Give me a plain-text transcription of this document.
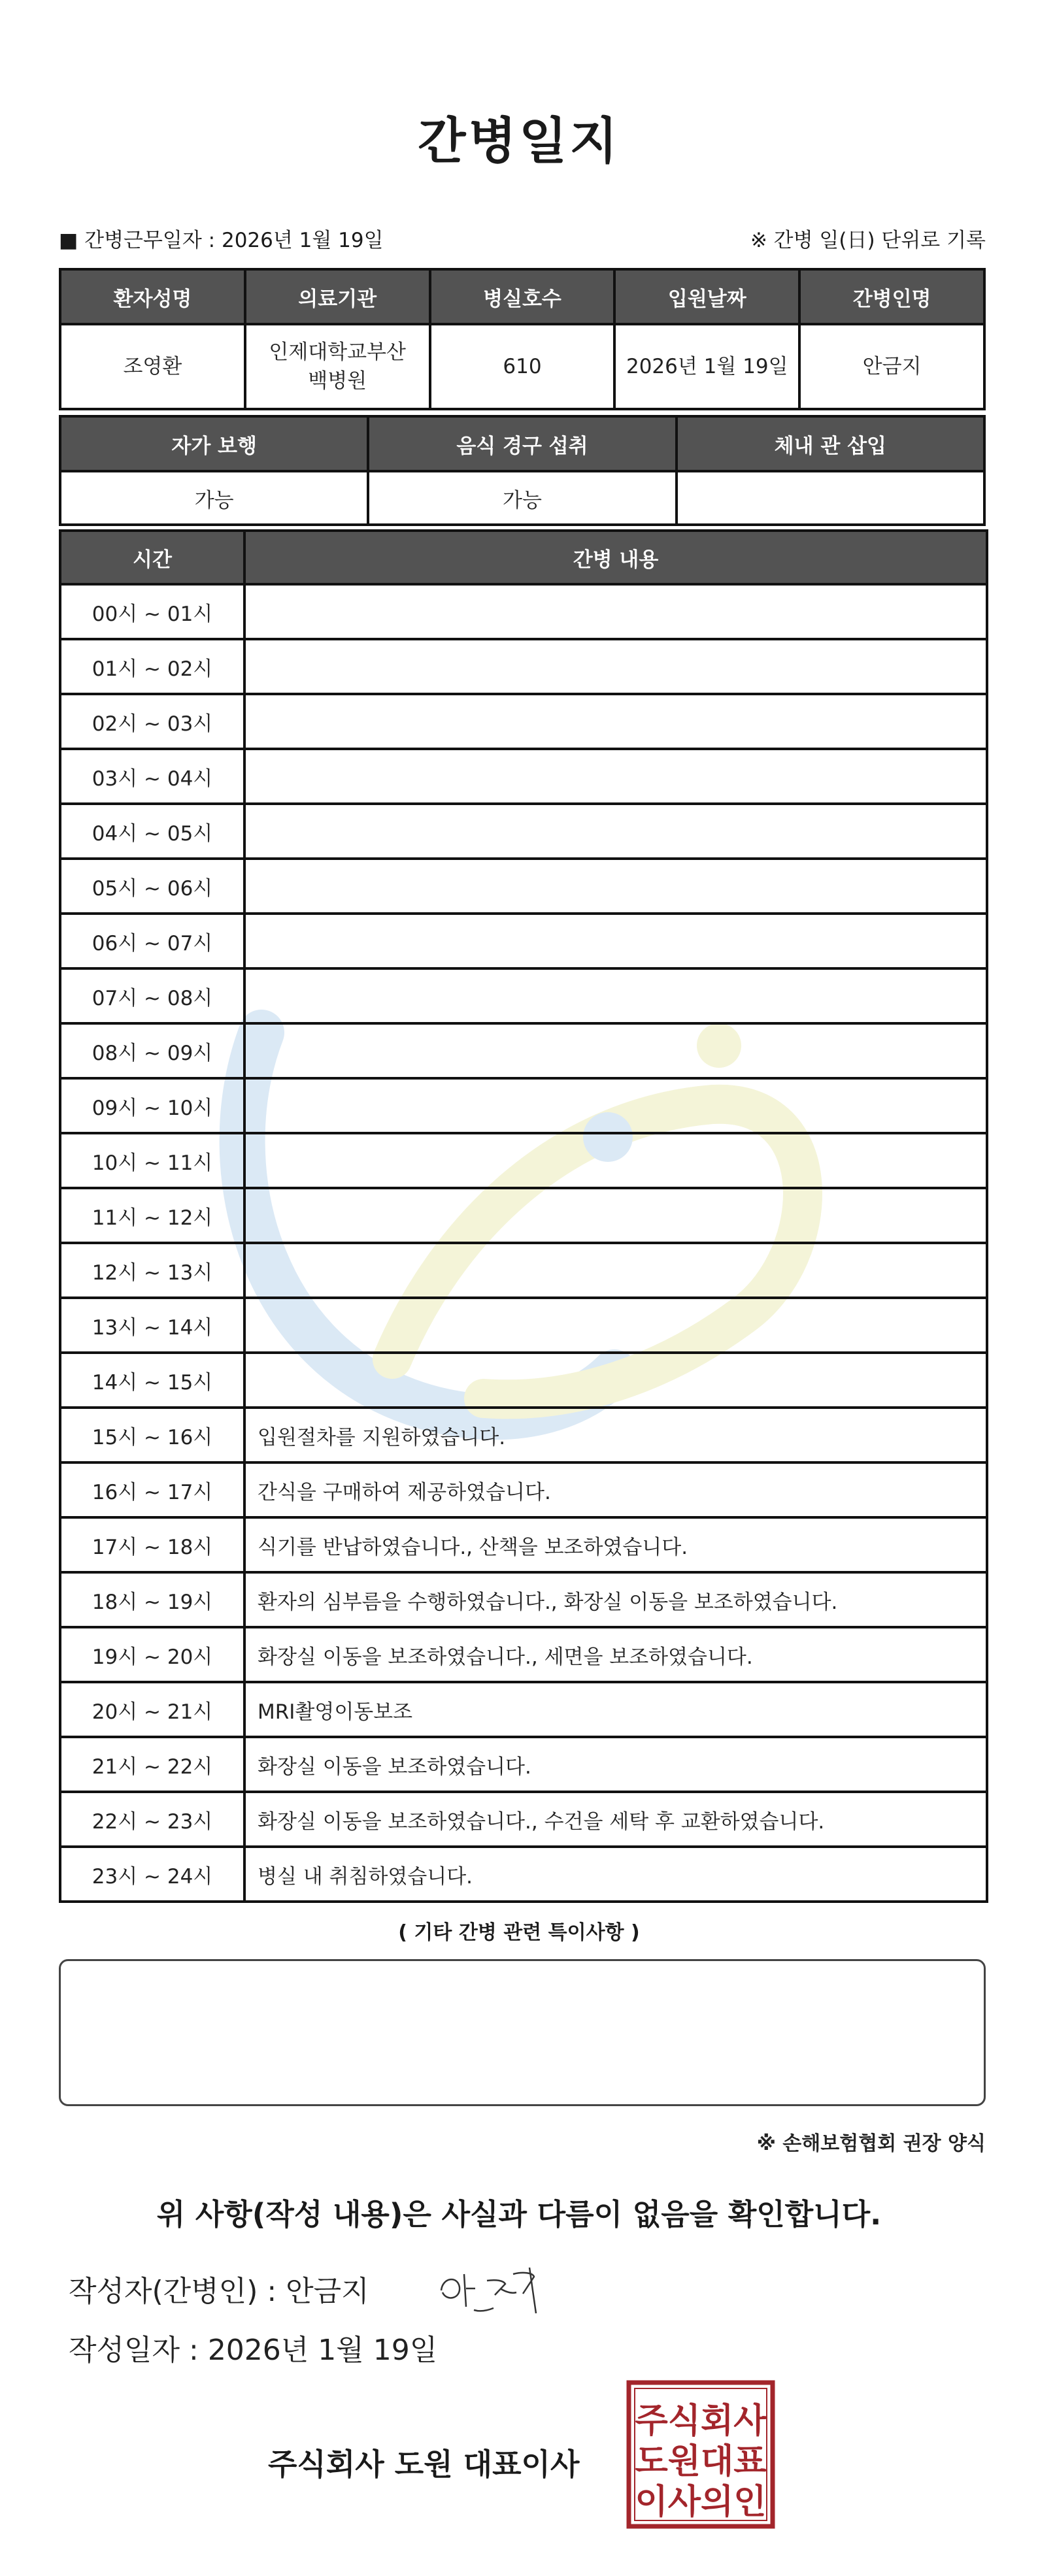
간병일지
■ 간병근무일자 : 2026년 1월 19일	※ 간병 일(日) 단위로 기록
환자성명	의료기관	병실호수	입원날짜	간병인명
조영환	인제대학교부산백병원	610	2026년 1월 19일	안금지
자가 보행	음식 경구 섭취	체내 관 삽입
가능	가능	
시간	간병 내용
00시 ~ 01시	
01시 ~ 02시	
02시 ~ 03시	
03시 ~ 04시	
04시 ~ 05시	
05시 ~ 06시	
06시 ~ 07시	
07시 ~ 08시	
08시 ~ 09시	
09시 ~ 10시	
10시 ~ 11시	
11시 ~ 12시	
12시 ~ 13시	
13시 ~ 14시	
14시 ~ 15시	
15시 ~ 16시	입원절차를 지원하였습니다.
16시 ~ 17시	간식을 구매하여 제공하였습니다.
17시 ~ 18시	식기를 반납하였습니다., 산책을 보조하였습니다.
18시 ~ 19시	환자의 심부름을 수행하였습니다., 화장실 이동을 보조하였습니다.
19시 ~ 20시	화장실 이동을 보조하였습니다., 세면을 보조하였습니다.
20시 ~ 21시	MRI촬영이동보조
21시 ~ 22시	화장실 이동을 보조하였습니다.
22시 ~ 23시	화장실 이동을 보조하였습니다., 수건을 세탁 후 교환하였습니다.
23시 ~ 24시	병실 내 취침하였습니다.
( 기타 간병 관련 특이사항 )
※ 손해보험협회 권장 양식
위 사항(작성 내용)은 사실과 다름이 없음을 확인합니다.
작성자(간병인) : 안금지
작성일자 : 2026년 1월 19일
주식회사 도원 대표이사
주식회사
도원대표
이사의인
